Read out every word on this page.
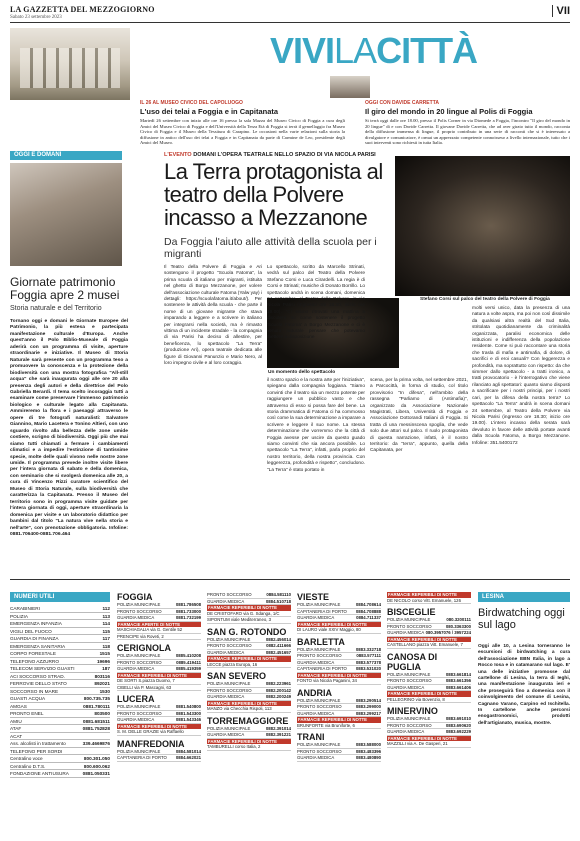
LA GAZZETTA DEL MEZZOGIORNO
Sabato 23 settembre 2023
VII
VIVILACITTÀ
IL 26 AL MUSEO CIVICO DEL CAPOLUOGO
L'uso dei telai a Foggia e in Capitanata
Martedì 26 settembre con inizio alle ore 16 presso la sala Mazza del Museo Civico di Foggia a cura degli Amici del Museo Civico di Foggia e dell'Università della Terza Età di Foggia si terrà il gemellaggio fra Museo Civico di Foggia e il Museo della Tessitura di Carapino. Le occasioni nella varie relazioni sulla storia la diffusione in antico dell'uso dei telai a Foggia e in Capitanata da parte di Carmine de Leo, presidente degli Amici del Museo.
OGGI CON DAVIDE CARRETTA
Il giro del mondo in 20 lingue al Polis di Foggia
Si terrà oggi dalle ore 18.00, presso il Polis Corner in via Diomede a Foggia, l'incontro "Il giro del mondo in 20 lingue" di e con Davide Carretta. Il giovane Davide Carretta, che ad aver girato tutto il mondo, racconta della diffusione immensa di lingue, il proprio contributo in una serie di racconti che si è interessato a divulgatore e comunicatore, è ormai un apprezzato competente connoisseur a livello internazionale, tutto che i suoi interventi sono richiesti in tutta Italia.
OGGI E DOMANI
Giornate patrimonio Foggia apre 2 musei
Storia naturale e del Territorio
Tornano oggi e domani le Giornate Europee del Patrimonio, la più estesa e partecipata manifestazione culturale d'Europa. Anche quest'anno il Polo Biblio-Museale di Foggia aderirà con un programma di visite, aperture straordinarie e iniziative. Il Museo di Storia Naturale sarà presente con un programma teso a promuovere la conoscenza e la protezione della biodiversità con una mostra fotografica "All-still acqua" che sarà inaugurata oggi alle ore 20 alla presenza degli autori e della direttrice del Polo Gabriella Berardi. Il tema scelto incoraggia tutti a esaminare come preservare l'immenso patrimonio biologico e culturale legato alla Capitanata. Ammireremo la flora e i paesaggi attraverso le opere di tre fotografi naturalisti: Salvatore Giannino, Mario Lacetera e Tonino Altieri, con uno sguardo rivolto alla bellezza delle zone umide costiere, scrigno di biodiversità. Oggi più che mai siamo tutti chiamati a fermare i cambiamenti climatici e a impedire l'estinzione di tantissime specie, molte delle quali vivono nelle nostre zone umide. Il programma prevede inoltre visite libere per l'intera giornata di sabato e della domenica, con seminario che si svolgerà domenica alle 20, a cura di Vincenzo Rizzi curatore scientifico del Museo di Storia Naturale, sulla biodiversità che caratterizza la Capitanata. Presso il Museo del territorio sono in programma visite guidate per l'intera giornata di oggi, aperture straordinaria la domenica per visite e un laboratorio didattico per bambini dal titolo "La natura vive nella storia e nell'arte", con prenotazione obbligatoria. Infoline: 0881.706400-0881.706.464
L'EVENTO DOMANI L'OPERA TEATRALE NELLO SPAZIO DI VIA NICOLA PARISI
La Terra protagonista al teatro della Polvere incasso a Mezzanone
Da Foggia l'aiuto alle attività della scuola per i migranti
Stefano Corsi sul palco del teatro della Polvere di Foggia
Un momento dello spettacolo
Il Teatro della Polvere di Foggia e Ari sostengono il progetto "Scuola Fatoma", la prima scuola di italiano per migranti, istituita nel ghetto di Borgo Mezzanone, per volere dell'associazione culturale Fatoma (Yalw yay) i dettagli: https://scuolafatoma.it/about/). Per sostenere le attività della scuola - che parte il nome di un giovane migrante che stava imparando a leggere e a scrivere in italiano per integrarsi nella società, ma è rimasto vittima di un incidente stradale - la compagnia di via Parisi ha deciso di allestire, per beneficenza, lo spettacolo "La Terra" (produzione Ari), opera teatrale dedicata alle figure di Giovanni Panunzio e Mario Nero, al loro impegno civile e al loro coraggio.
Lo spettacolo, scritto da Marcello Strinati, vedrà sul palco del Teatro della Polvere Stefano Corsi e Luca Cirardelli. La regia è di Corsi e Strinati; musiche di Donato Borrillo. Lo spettacolo andrà in scena domani, domenica 24 settembre, al Teatro della Polvere, in via Nicola Parisi (ingresso ore 18.30, inizio ore 19.00). "Ci siamo ritrovati una mattina a discutere su come sostenere il progetto 'Scuola Fatoma' a Borgo Mezzanone e ci è venuto naturale pensare che potevamo mettere a disposizione
il nostro spazio e la nostra arte per l'iniziativa", spiegano dalla compagnia foggiana. "Siamo convinti che il teatro sia un mezzo potente per raggiungere un pubblico vasto e che attraverso di esso si possa fare del bene. La storia drammatica di Fatoma ci ha commosso così come la sua determinazione a imparare a scrivere e leggere il suo nome. La stessa determinazione che vorremmo che la città di Foggia avesse per uscire da questo guado siamo convinti che sia ancora possibile. Lo spettacolo "La Terra", infatti, parla proprio del nostro territorio, della nostra provincia. Con leggerezza, profondità e rispetto", concludono. "La Terra" è stato portato in
scena, per la prima volta, nel settembre 2021, a Parcocittà, in forma di studio, col titolo provvisorio "In difesa", nell'ambito della rassegna "Parliamo di (Antimafia)", organizzato da Associazione Nazionale Magistrati, Libera, Università di Foggia e Associazione Dottorandi Italiani di Foggia. Si tratta di una messinscena spoglia, che vede solo due attori sul palco. Il ruolo protagonista di questa narrazione, infatti, è il nostro territorio: da "terra", appunto, quella della Capitanata, per
molti versi unico, data la presenza di una natura a volte aspra, ma poi non così dissimile da qualsiasi altra realtà del Sud Italia, stritolata quotidianamente da criminalità organizzata, paralisi economica delle istituzioni e indifferenza della popolazione residente. Come si può raccontare una storia che trasla di mafia e antimafia, di dolore, di sacrifici e di eroi casuali? Con leggerezza e profondità, ma soprattutto con rispetto: da che simmer dallo spettacolo - a tratti ironico, a tratti provocatorio - è l'interrogativo che viene rilanciato agli spettatori: quanto siamo disposti a sacrificare per i nostri principi, per i nostri cari, per la difesa della nostra terra? Lo spettacolo "La Terra" andrà in scena domani 24 settembre, al Teatro della Polvere via Nicola Parisi (ingresso ore 18.30; inizio ore 19.00). L'intero incasso della serata sarà devoluto in favore delle attività portate avanti dalla Scuola Fatoma, a Borgo Mezzanone. Infoline: 351.5400172
NUMERI UTILI	LESINA
CARABINIERI	112
POLIZIA	113
EMERGENZA INFANZIA	114
VIGILI DEL FUOCO	115
GUARDIA DI FINANZA	117
EMERGENZA SANITARIA	118
CORPO FORESTALE	1515
TELEFONO AZZURRO	19696
TELECOM SERVIZIO GUASTI	187
ACI SOCCORSO STRAD.	803116
FERROVIE DELLO STATO	892021
SOCCORSO IN MARE	1530
GUASTI ACQUA	800.735.735
AMGAS	0881.780111
PRONTO ENEL	803500
AMIU	0881.681511
ATAF	0881.752828
ACAT
Ass. alcolisti in trattamento	339.4669876
TELEFONO PER SORDI
Centralino voce	800.301.050
Centralino D.T.S.	800.600.062
FONDAZIONE ANTIUSURA	0881.050331
FOGGIA
POLIZIA MUNICIPALE	0881.786508
PRONTO SOCCORSO	0881.733000
GUARDIA MEDICA	0881.732199
FARMACIE APERTE DI NOTTE
MASCHIAGALIA via G. Gentile 52
PRENCIPE via Roveti, 2
CERIGNOLA
POLIZIA MUNICIPALE	0885.410208
PRONTO SOCCORSO	0885.419411
GUARDIA MEDICA	0885.419359
FARMACIE REPERIBILI DI NOTTE
DE SORTI S.piazza Duomo, 7
CIBELLI via P. Mascagni, 63
LUCERA
POLIZIA MUNICIPALE	0881.540800
PRONTO SOCCORSO	0881.543300
GUARDIA MEDICA	0881.543346
FARMACIE REPERIBILI DI NOTTE
S. M. DELLE GRAZIE via Raffaello
MANFREDONIA
POLIZIA MUNICIPALE	0884.581014
CAPITANERIA DI PORTO 0884.662021
PRONTO SOCCORSO	0884.581110
GUARDIA MEDICA	0884.510718
FARMACIE REPERIBILI DI NOTTE
DE CRISTOFARO via G. Sdanga, 1/C
SIPONTUM viale Mediterraneo, 3
SAN G. ROTONDO
POLIZIA MUNICIPALE	0882.456014
PRONTO SOCCORSO	0882.411666
GUARDIA MEDICA	0882.451657
FARMACIE REPERIBILI DI NOTTE
LECCE piazza Europa, 16
SAN SEVERO
POLIZIA MUNICIPALE	0882.223961
PRONTO SOCCORSO	0882.200142
GUARDIA MEDICA	0882.200249
FARMACIE REPERIBILI DI NOTTE
MANZO via Checchia Rispoli, 113
TORREMAGGIORE
POLIZIA MUNICIPALE	0882.391014
GUARDIA MEDICA	0882.391221
FARMACIE REPERIBILI DI NOTTE
TAMBURELLI corso Italia, 2
VIESTE
POLIZIA MUNICIPALE	0884.708614
CAPITANERIA DI PORTO 0884.708888
GUARDIA MEDICA	0884.711337
FARMACIE REPERIBILI DI NOTTE
DI LAURO viale XXIV Maggio, 80
BARLETTA
POLIZIA MUNICIPALE	0883.332718
PRONTO SOCCORSO	0883.577111
GUARDIA MEDICA	0883.577378
CAPITANERIA DI PORTO 0883.531020
FARMACIE REPERIBILI DI NOTTE
FONTO via Nicola Paganini, 34
ANDRIA
POLIZIA MUNICIPALE	0883.290514
PRONTO SOCCORSO	0883.299000
GUARDIA MEDICA	0883.299217
FARMACIE REPERIBILI DI NOTTE
BRUNFORTE via Bruniforte, 6
TRANI
POLIZIA MUNICIPALE	0883.588000
PRONTO SOCCORSO	0883.483396
GUARDIA MEDICA	0883.480890
FARMACIE REPERIBILI DI NOTTE
DE NICOLO corso Vitt. Emanuele, 126
BISCEGLIE
POLIZIA MUNICIPALE	080.3200111
PRONTO SOCCORSO	080.3363300
GUARDIA MEDICA 080.3957076 / 3957224
FARMACIE REPERIBILI DI NOTTE
CASTELLANO piazza Vitt. Emanuele, 7
CANOSA DI PUGLIA
POLIZIA MUNICIPALE	0883.661814
PRONTO SOCCORSO	0883.661356
GUARDIA MEDICA	0883.661406
FARMACIE REPERIBILI DI NOTTE
PELLEGRINO via Bovenzio, 8
MINERVINO
POLIZIA MUNICIPALE	0883.691010
PRONTO SOCCORSO	0883.690620
GUARDIA MEDICA	0883.692229
FARMACIE REPERIBILI DI NOTTE
MAZZILLI via A. De Gasperi, 21
Birdwatching oggi sul lago
Oggi alle 10, a Lesina torneranno le escursioni di birdwatching a cura dell'associazione EBN Italia, in lago a Rocco Iosa e in catamarano sul lago. E' una delle iniziative promosse dal cartellone di Lesina, la terra di Ieghi, una manifestazione inaugurata ieri e che proseguirà fino a domenica con il coinvolgimento del comune di Lesina, Cagnano Varano, Carpino ed Ischitella. In cartellone anche percorsi enogastronomici, prodotti dell'artigianato, musica, mostre.
